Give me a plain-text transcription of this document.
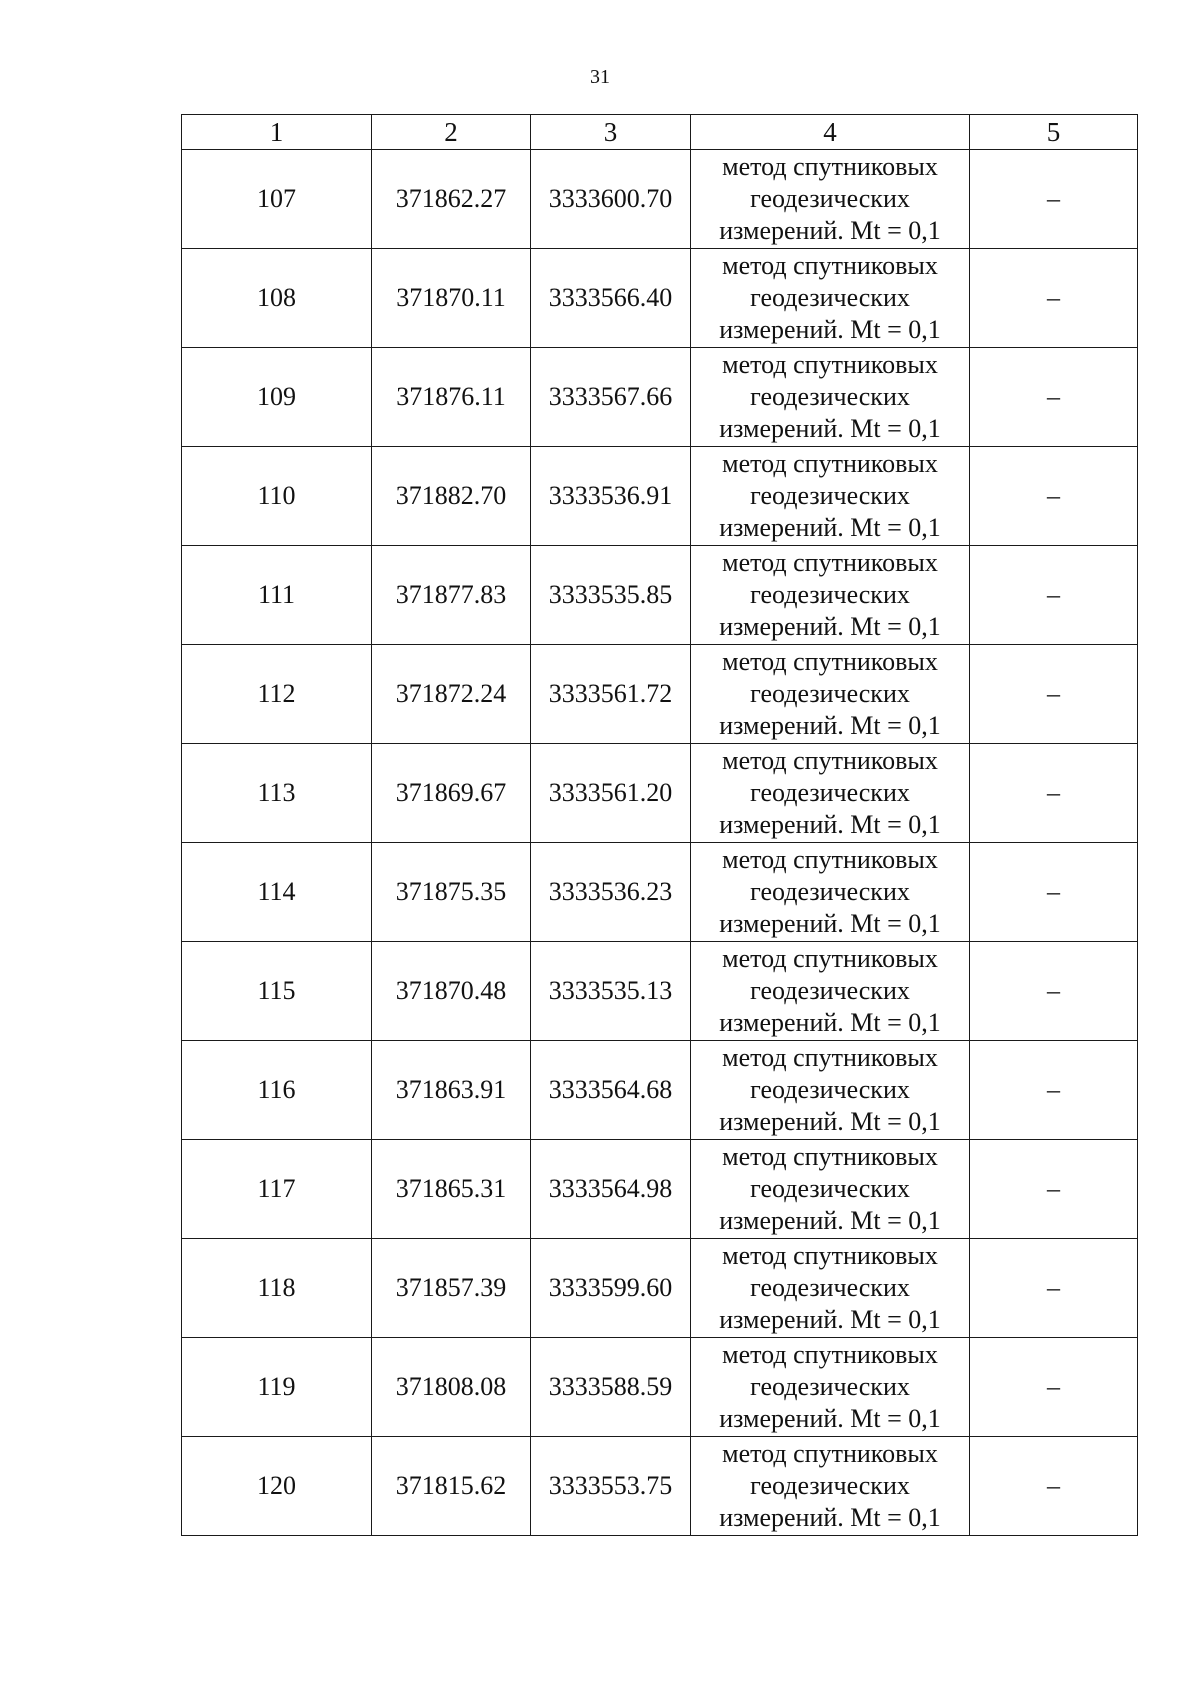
31
1	2	3	4	5
107	371862.27	3333600.70	метод спутниковых
геодезических
измерений. Mt = 0,1	–
108	371870.11	3333566.40	метод спутниковых
геодезических
измерений. Mt = 0,1	–
109	371876.11	3333567.66	метод спутниковых
геодезических
измерений. Mt = 0,1	–
110	371882.70	3333536.91	метод спутниковых
геодезических
измерений. Mt = 0,1	–
111	371877.83	3333535.85	метод спутниковых
геодезических
измерений. Mt = 0,1	–
112	371872.24	3333561.72	метод спутниковых
геодезических
измерений. Mt = 0,1	–
113	371869.67	3333561.20	метод спутниковых
геодезических
измерений. Mt = 0,1	–
114	371875.35	3333536.23	метод спутниковых
геодезических
измерений. Mt = 0,1	–
115	371870.48	3333535.13	метод спутниковых
геодезических
измерений. Mt = 0,1	–
116	371863.91	3333564.68	метод спутниковых
геодезических
измерений. Mt = 0,1	–
117	371865.31	3333564.98	метод спутниковых
геодезических
измерений. Mt = 0,1	–
118	371857.39	3333599.60	метод спутниковых
геодезических
измерений. Mt = 0,1	–
119	371808.08	3333588.59	метод спутниковых
геодезических
измерений. Mt = 0,1	–
120	371815.62	3333553.75	метод спутниковых
геодезических
измерений. Mt = 0,1	–
